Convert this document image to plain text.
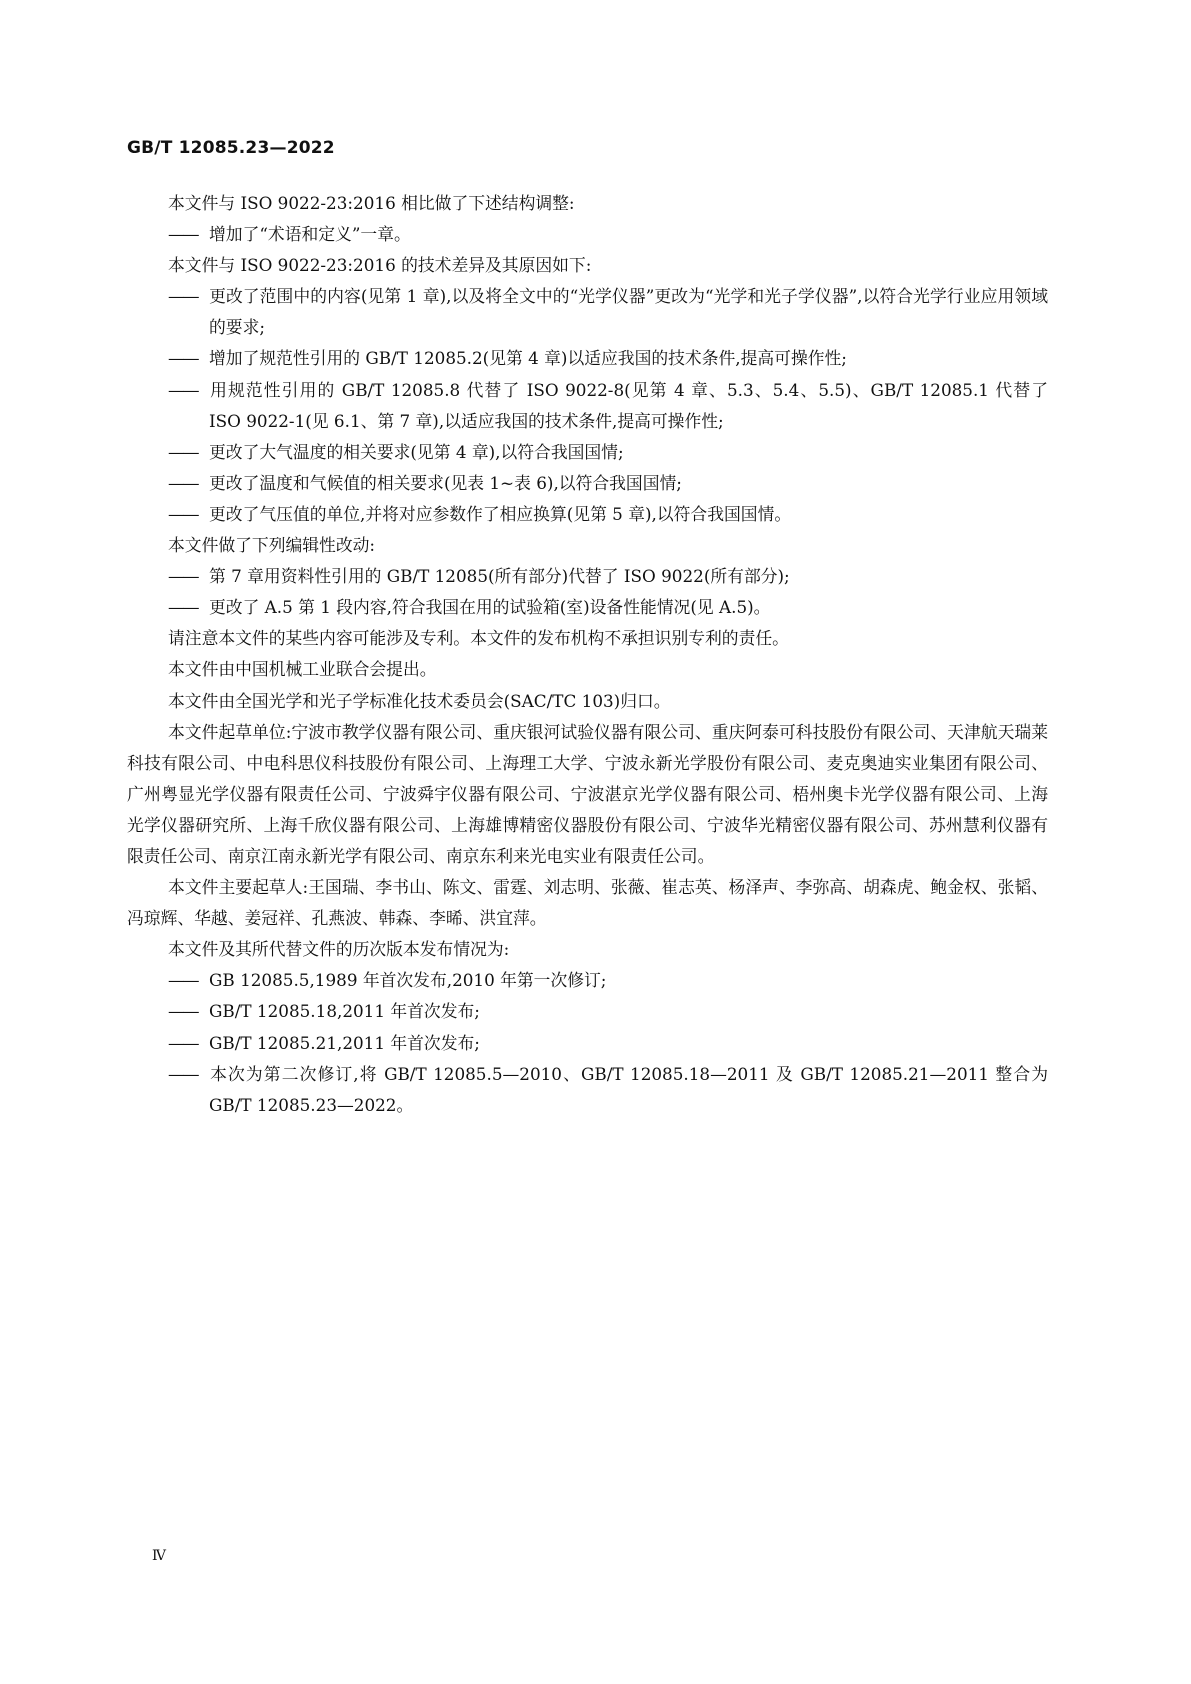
GB/T 12085.23—2022

本文件与 ISO 9022-23:2016 相比做了下述结构调整:

—— 增加了“术语和定义”一章。

本文件与 ISO 9022-23:2016 的技术差异及其原因如下:

—— 更改了范围中的内容(见第 1 章),以及将全文中的“光学仪器”更改为“光学和光子学仪器”,以符合光学行业应用领域的要求;

—— 增加了规范性引用的 GB/T 12085.2(见第 4 章)以适应我国的技术条件,提高可操作性;

—— 用规范性引用的 GB/T 12085.8 代替了 ISO 9022-8(见第 4 章、5.3、5.4、5.5)、GB/T 12085.1 代替了 ISO 9022-1(见 6.1、第 7 章),以适应我国的技术条件,提高可操作性;

—— 更改了大气温度的相关要求(见第 4 章),以符合我国国情;

—— 更改了温度和气候值的相关要求(见表 1~表 6),以符合我国国情;

—— 更改了气压值的单位,并将对应参数作了相应换算(见第 5 章),以符合我国国情。

本文件做了下列编辑性改动:

—— 第 7 章用资料性引用的 GB/T 12085(所有部分)代替了 ISO 9022(所有部分);

—— 更改了 A.5 第 1 段内容,符合我国在用的试验箱(室)设备性能情况(见 A.5)。

请注意本文件的某些内容可能涉及专利。本文件的发布机构不承担识别专利的责任。

本文件由中国机械工业联合会提出。

本文件由全国光学和光子学标准化技术委员会(SAC/TC 103)归口。

本文件起草单位:宁波市教学仪器有限公司、重庆银河试验仪器有限公司、重庆阿泰可科技股份有限公司、天津航天瑞莱科技有限公司、中电科思仪科技股份有限公司、上海理工大学、宁波永新光学股份有限公司、麦克奥迪实业集团有限公司、广州粤显光学仪器有限责任公司、宁波舜宇仪器有限公司、宁波湛京光学仪器有限公司、梧州奥卡光学仪器有限公司、上海光学仪器研究所、上海千欣仪器有限公司、上海雄博精密仪器股份有限公司、宁波华光精密仪器有限公司、苏州慧利仪器有限责任公司、南京江南永新光学有限公司、南京东利来光电实业有限责任公司。

本文件主要起草人:王国瑞、李书山、陈文、雷霆、刘志明、张薇、崔志英、杨泽声、李弥高、胡森虎、鲍金权、张韬、冯琼辉、华越、姜冠祥、孔燕波、韩森、李晞、洪宜萍。

本文件及其所代替文件的历次版本发布情况为:

—— GB 12085.5,1989 年首次发布,2010 年第一次修订;

—— GB/T 12085.18,2011 年首次发布;

—— GB/T 12085.21,2011 年首次发布;

—— 本次为第二次修订,将 GB/T 12085.5—2010、GB/T 12085.18—2011 及 GB/T 12085.21—2011 整合为 GB/T 12085.23—2022。

Ⅳ
